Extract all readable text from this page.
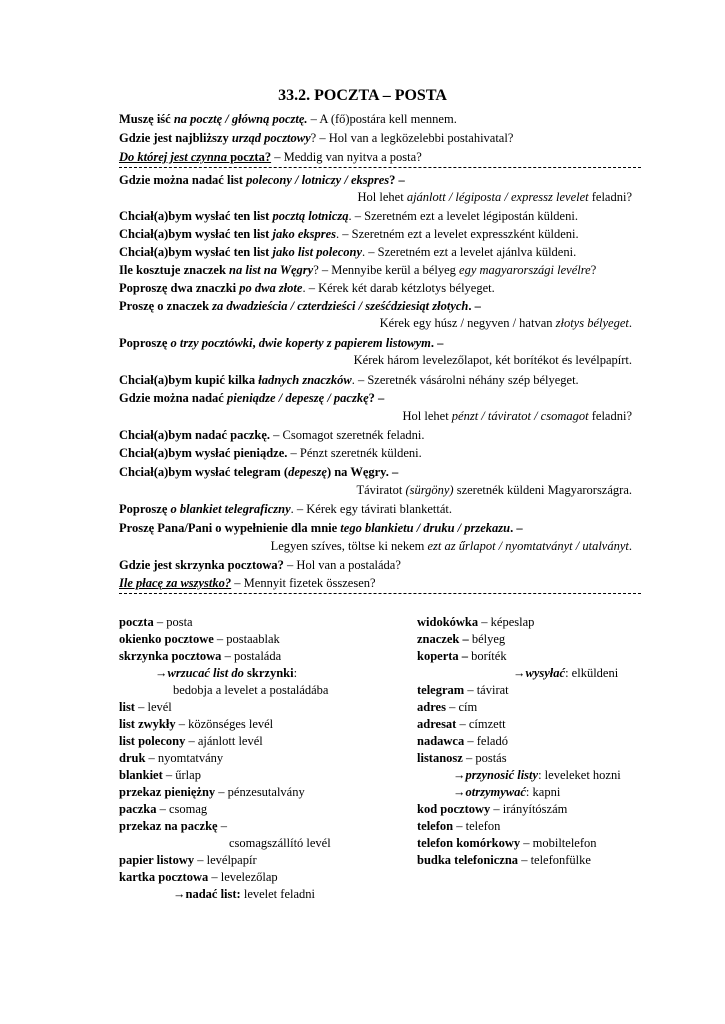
33.2. POCZTA – POSTA
Muszę iść na pocztę / główną pocztę. – A (fő)postára kell mennem.
Gdzie jest najbliższy urząd pocztowy? – Hol van a legközelebbi postahivatal?
Do której jest czynna poczta? – Meddig van nyitva a posta?
Gdzie można nadać list polecony / lotniczy / ekspres? –
Hol lehet ajánlott / légiposta / expressz levelet feladni?
Chciał(a)bym wysłać ten list pocztą lotniczą. – Szeretném ezt a levelet légipostán küldeni.
Chciał(a)bym wysłać ten list jako ekspres. – Szeretném ezt a levelet expresszként küldeni.
Chciał(a)bym wysłać ten list jako list polecony. – Szeretném ezt a levelet ajánlva küldeni.
Ile kosztuje znaczek na list na Węgry? – Mennyibe kerül a bélyeg egy magyarországi levélre?
Poproszę dwa znaczki po dwa złote. – Kérek két darab kétzlotys bélyeget.
Proszę o znaczek za dwadzieścia / czterdzieści / sześćdziesiąt złotych. –
Kérek egy húsz / negyven / hatvan złotys bélyeget.
Poproszę o trzy pocztówki, dwie koperty z papierem listowym. –
Kérek három levelezőlapot, két borítékot és levélpapírt.
Chciał(a)bym kupić kilka ładnych znaczków. – Szeretnék vásárolni néhány szép bélyeget.
Gdzie można nadać pieniądze / depeszę / paczkę? –
Hol lehet pénzt / táviratot / csomagot feladni?
Chciał(a)bym nadać paczkę. – Csomagot szeretnék feladni.
Chciał(a)bym wysłać pieniądze. – Pénzt szeretnék küldeni.
Chciał(a)bym wysłać telegram (depeszę) na Węgry. –
Táviratot (sürgöny) szeretnék küldeni Magyarországra.
Poproszę o blankiet telegraficzny. – Kérek egy távirati blankettát.
Proszę Pana/Pani o wypełnienie dla mnie tego blankietu / druku / przekazu. –
Legyen szíves, töltse ki nekem ezt az űrlapot / nyomtatványt / utalványt.
Gdzie jest skrzynka pocztowa? – Hol van a postaláda?
Ile płacę za wszystko? – Mennyit fizetek összesen?
poczta – posta
okienko pocztowe – postaablak
skrzynka pocztowa – postaláda
→wrzucać list do skrzynki:
bedobja a levelet a postaládába
list – levél
list zwykły – közönséges levél
list polecony – ajánlott levél
druk – nyomtatvány
blankiet – űrlap
przekaz pieniężny – pénzesutalvány
paczka – csomag
przekaz na paczkę –
csomagszállító levél
papier listowy – levélpapír
kartka pocztowa – levelezőlap
→nadać list: levelet feladni
widokówka – képeslap
znaczek – bélyeg
koperta – boríték
→wysyłać: elküldeni
telegram – távirat
adres – cím
adresat – címzett
nadawca – feladó
listanosz – postás
→przynosić listy: leveleket hozni
→otrzymywać: kapni
kod pocztowy – irányítószám
telefon – telefon
telefon komórkowy – mobiltelefon
budka telefoniczna – telefonfülke
